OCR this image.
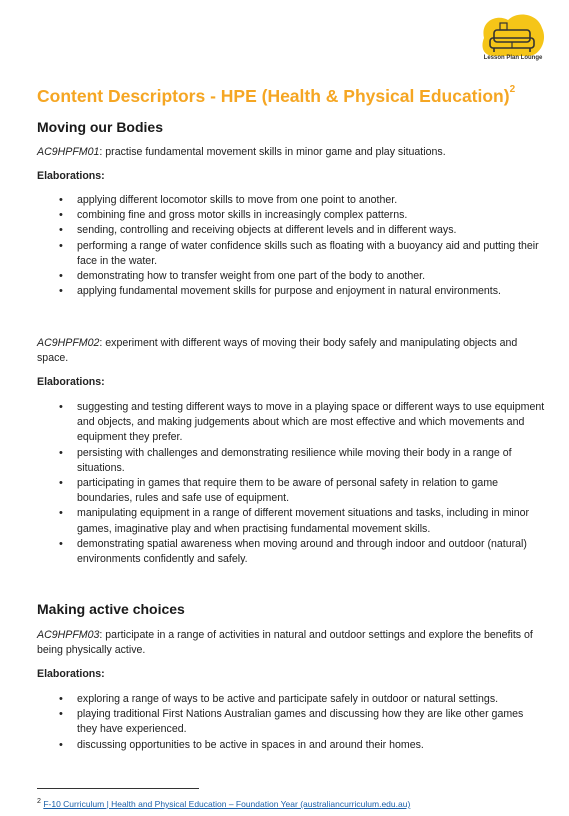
Lesson Plan Lounge
Content Descriptors - HPE (Health & Physical Education)$^2$
Moving our Bodies
AC9HPFM01: practise fundamental movement skills in minor game and play situations.
Elaborations:
• applying different locomotor skills to move from one point to another.
• combining fine and gross motor skills in increasingly complex patterns.
• sending, controlling and receiving objects at different levels and in different ways.
• performing a range of water confidence skills such as floating with a buoyancy aid and putting their face in the water.
• demonstrating how to transfer weight from one part of the body to another.
• applying fundamental movement skills for purpose and enjoyment in natural environments.
AC9HPFM02: experiment with different ways of moving their body safely and manipulating objects and space.
Elaborations:
• suggesting and testing different ways to move in a playing space or different ways to use equipment and objects, and making judgements about which are most effective and which movements and equipment they prefer.
• persisting with challenges and demonstrating resilience while moving their body in a range of situations.
• participating in games that require them to be aware of personal safety in relation to game boundaries, rules and safe use of equipment.
• manipulating equipment in a range of different movement situations and tasks, including in minor games, imaginative play and when practising fundamental movement skills.
• demonstrating spatial awareness when moving around and through indoor and outdoor (natural) environments confidently and safely.
Making active choices
AC9HPFM03: participate in a range of activities in natural and outdoor settings and explore the benefits of being physically active.
Elaborations:
• exploring a range of ways to be active and participate safely in outdoor or natural settings.
• playing traditional First Nations Australian games and discussing how they are like other games they have experienced.
• discussing opportunities to be active in spaces in and around their homes.
$^2$ F-10 Curriculum | Health and Physical Education – Foundation Year (australiancurriculum.edu.au)
